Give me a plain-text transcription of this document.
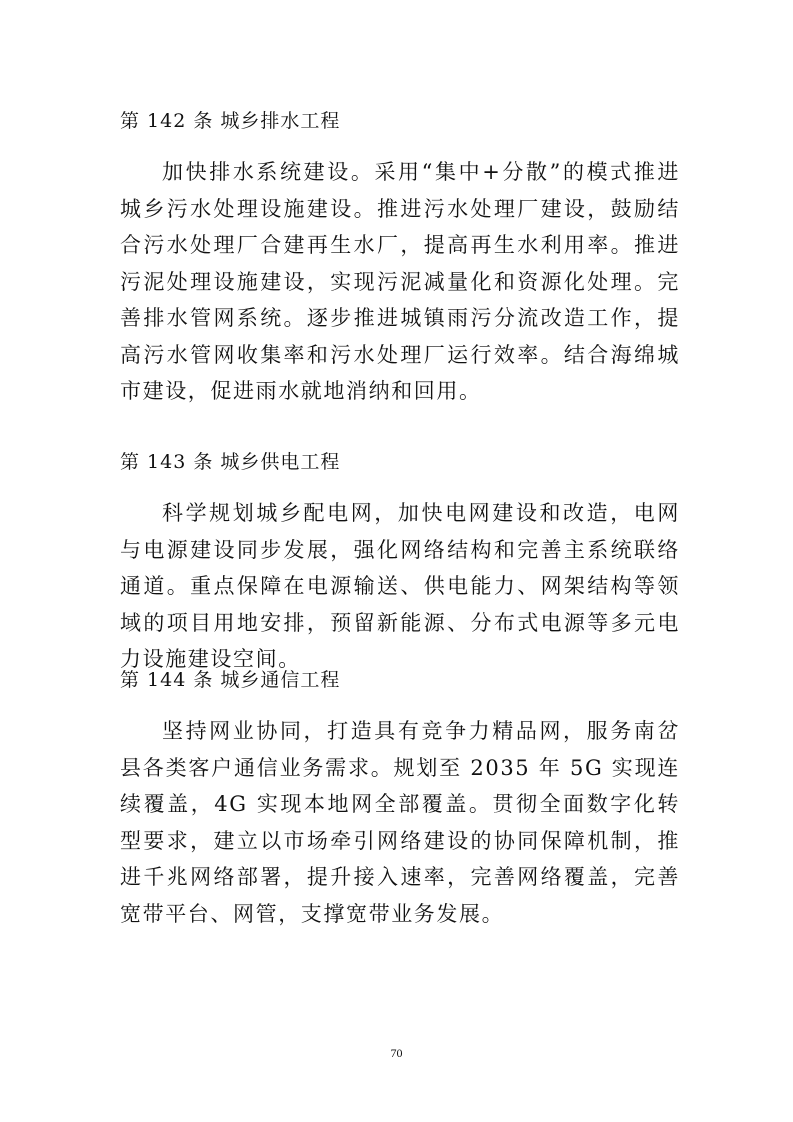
第 142 条 城乡排水工程
加快排水系统建设。采用“集中+分散”的模式推进城乡污水处理设施建设。推进污水处理厂建设，鼓励结合污水处理厂合建再生水厂，提高再生水利用率。推进污泥处理设施建设，实现污泥减量化和资源化处理。完善排水管网系统。逐步推进城镇雨污分流改造工作，提高污水管网收集率和污水处理厂运行效率。结合海绵城市建设，促进雨水就地消纳和回用。
第 143 条 城乡供电工程
科学规划城乡配电网，加快电网建设和改造，电网与电源建设同步发展，强化网络结构和完善主系统联络通道。重点保障在电源输送、供电能力、网架结构等领域的项目用地安排，预留新能源、分布式电源等多元电力设施建设空间。
第 144 条 城乡通信工程
坚持网业协同，打造具有竞争力精品网，服务南岔县各类客户通信业务需求。规划至 2035 年 5G 实现连续覆盖，4G 实现本地网全部覆盖。贯彻全面数字化转型要求，建立以市场牵引网络建设的协同保障机制，推进千兆网络部署，提升接入速率，完善网络覆盖，完善宽带平台、网管，支撑宽带业务发展。
70
